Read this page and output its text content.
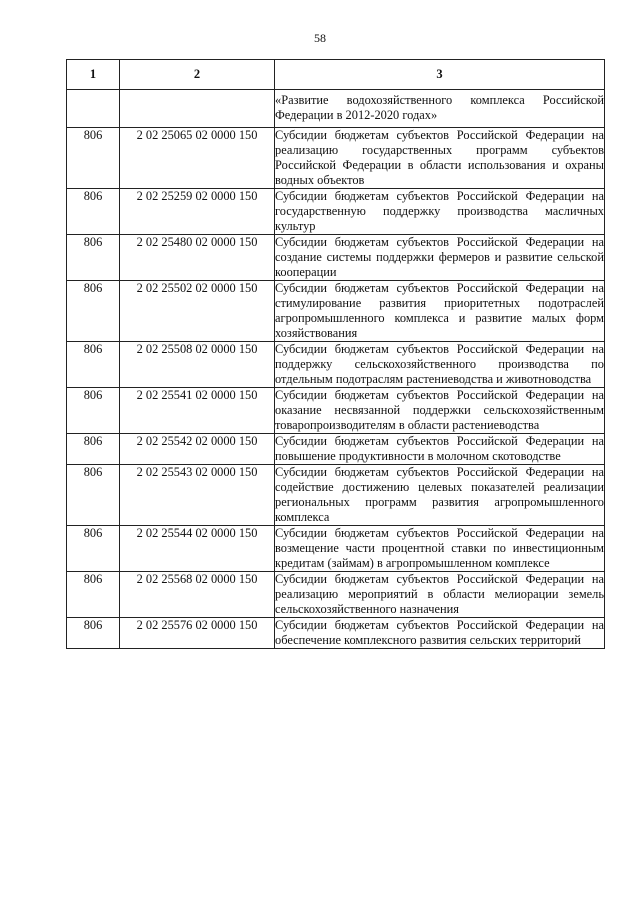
58
1	2	3
		«Развитие водохозяйственного комплекса Российской Федерации в 2012-2020 годах»
806	2 02 25065 02 0000 150	Субсидии бюджетам субъектов Российской Федерации на реализацию государственных программ субъектов Российской Федерации в области использования и охраны водных объектов
806	2 02 25259 02 0000 150	Субсидии бюджетам субъектов Российской Федерации на государственную поддержку производства масличных культур
806	2 02 25480 02 0000 150	Субсидии бюджетам субъектов Российской Федерации на создание системы поддержки фермеров и развитие сельской кооперации
806	2 02 25502 02 0000 150	Субсидии бюджетам субъектов Российской Федерации на стимулирование развития приоритетных подотраслей агропромышленного комплекса и развитие малых форм хозяйствования
806	2 02 25508 02 0000 150	Субсидии бюджетам субъектов Российской Федерации на поддержку сельскохозяйственного производства по отдельным подотраслям растениеводства и животноводства
806	2 02 25541 02 0000 150	Субсидии бюджетам субъектов Российской Федерации на оказание несвязанной поддержки сельскохозяйственным товаропроизводителям в области растениеводства
806	2 02 25542 02 0000 150	Субсидии бюджетам субъектов Российской Федерации на повышение продуктивности в молочном скотоводстве
806	2 02 25543 02 0000 150	Субсидии бюджетам субъектов Российской Федерации на содействие достижению целевых показателей реализации региональных программ развития агропромышленного комплекса
806	2 02 25544 02 0000 150	Субсидии бюджетам субъектов Российской Федерации на возмещение части процентной ставки по инвестиционным кредитам (займам) в агропромышленном комплексе
806	2 02 25568 02 0000 150	Субсидии бюджетам субъектов Российской Федерации на реализацию мероприятий в области мелиорации земель сельскохозяйственного назначения
806	2 02 25576 02 0000 150	Субсидии бюджетам субъектов Российской Федерации на обеспечение комплексного развития сельских территорий
